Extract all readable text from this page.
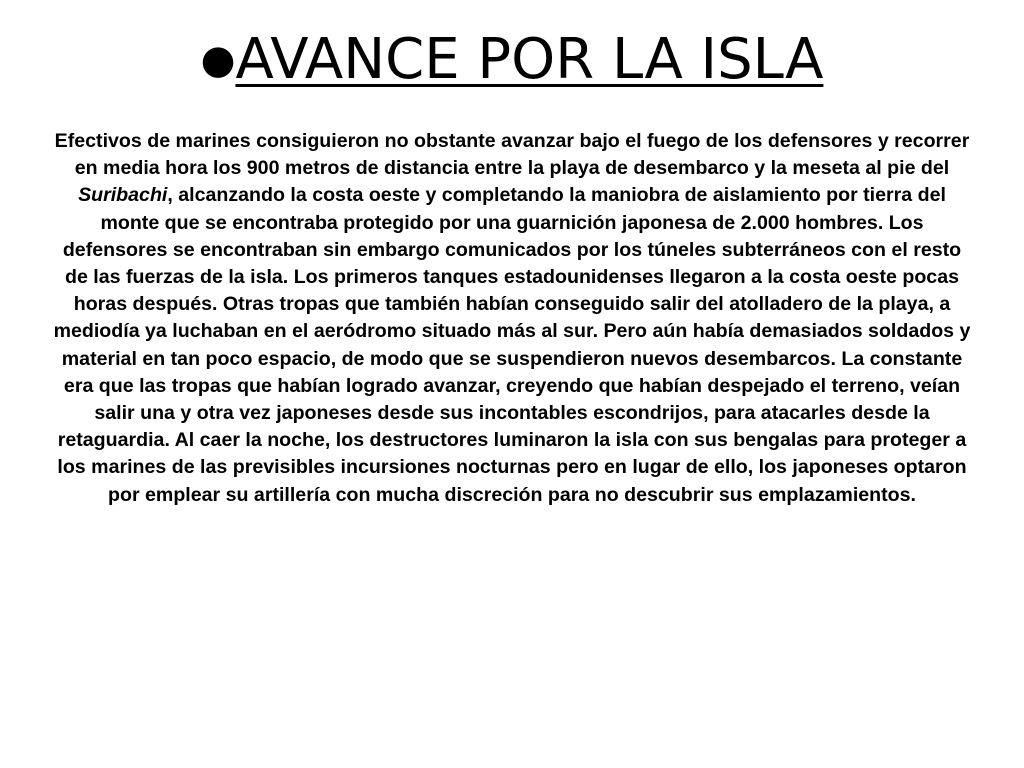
●AVANCE POR LA ISLA
Efectivos de marines consiguieron no obstante avanzar bajo el fuego de los defensores y recorrer en media hora los 900 metros de distancia entre la playa de desembarco y la meseta al pie del Suribachi, alcanzando la costa oeste y completando la maniobra de aislamiento por tierra del monte que se encontraba protegido por una guarnición japonesa de 2.000 hombres. Los defensores se encontraban sin embargo comunicados por los túneles subterráneos con el resto de las fuerzas de la isla. Los primeros tanques estadounidenses llegaron a la costa oeste pocas horas después. Otras tropas que también habían conseguido salir del atolladero de la playa, a mediodía ya luchaban en el aeródromo situado más al sur. Pero aún había demasiados soldados y material en tan poco espacio, de modo que se suspendieron nuevos desembarcos. La constante era que las tropas que habían logrado avanzar, creyendo que habían despejado el terreno, veían salir una y otra vez japoneses desde sus incontables escondrijos, para atacarles desde la retaguardia. Al caer la noche, los destructores luminaron la isla con sus bengalas para proteger a los marines de las previsibles incursiones nocturnas pero en lugar de ello, los japoneses optaron por emplear su artillería con mucha discreción para no descubrir sus emplazamientos.
